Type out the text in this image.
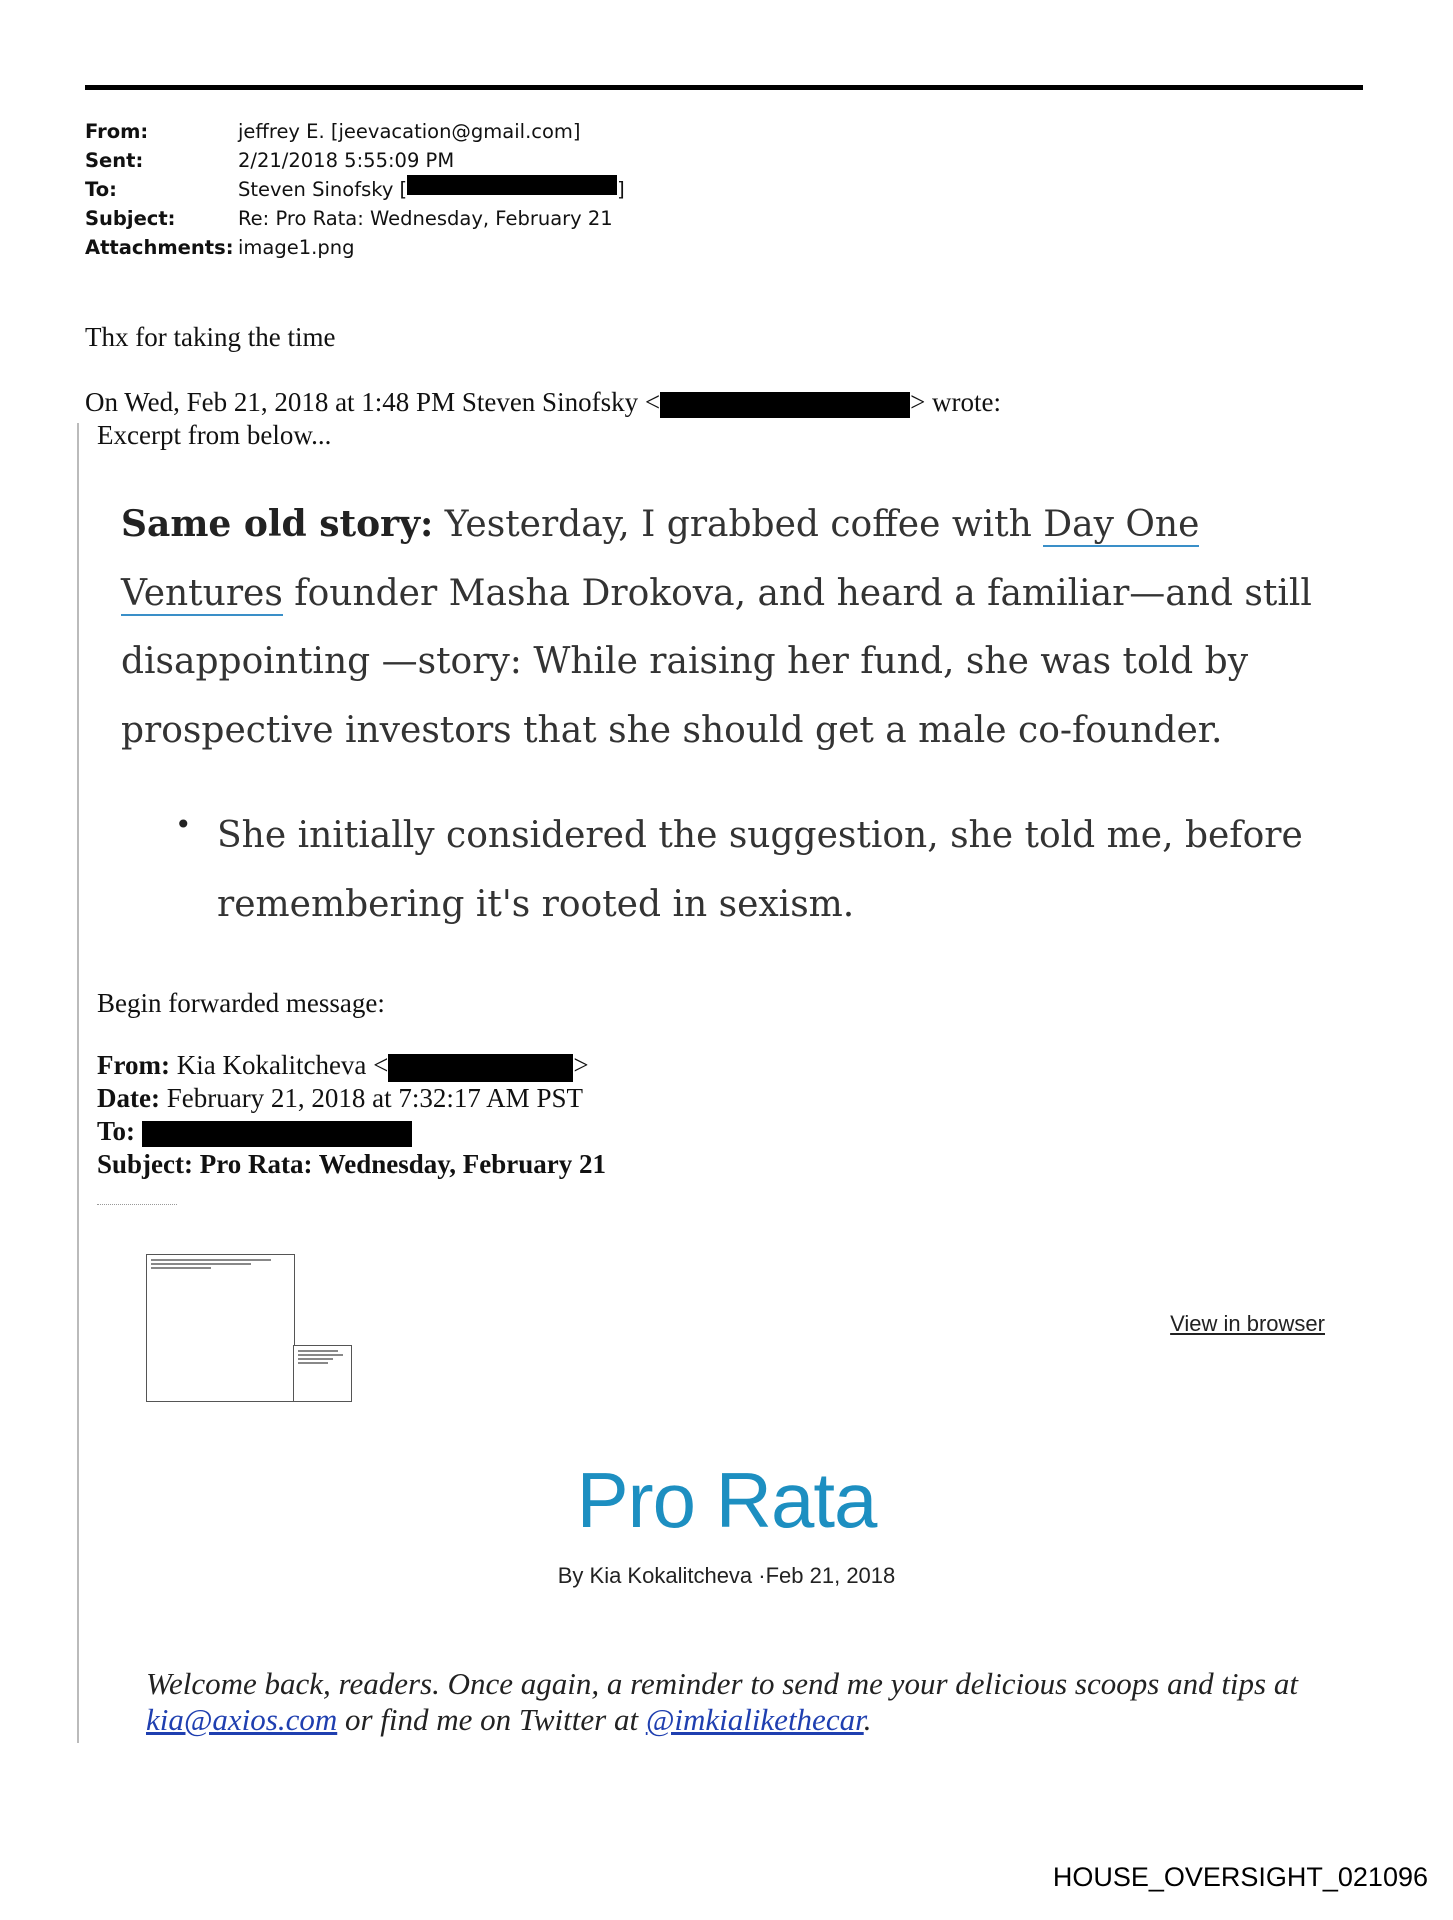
From:	jeffrey E. [jeevacation@gmail.com]
Sent:	2/21/2018 5:55:09 PM
To:	Steven Sinofsky [	]
Subject:	Re: Pro Rata: Wednesday, February 21
Attachments: image1.png
Thx for taking the time
On Wed, Feb 21, 2018 at 1:48 PM Steven Sinofsky <	> wrote:
Excerpt from below...
Same old story: Yesterday, I grabbed coffee with Day One Ventures founder Masha Drokova, and heard a familiar—and still disappointing —story: While raising her fund, she was told by prospective investors that she should get a male co-founder.
• She initially considered the suggestion, she told me, before remembering it's rooted in sexism.
Begin forwarded message:
From: Kia Kokalitcheva <	>
Date: February 21, 2018 at 7:32:17 AM PST
To:
Subject: Pro Rata: Wednesday, February 21
View in browser
Pro Rata
By Kia Kokalitcheva ·Feb 21, 2018
Welcome back, readers. Once again, a reminder to send me your delicious scoops and tips at kia@axios.com or find me on Twitter at @imkialikethecar.
HOUSE_OVERSIGHT_021096
